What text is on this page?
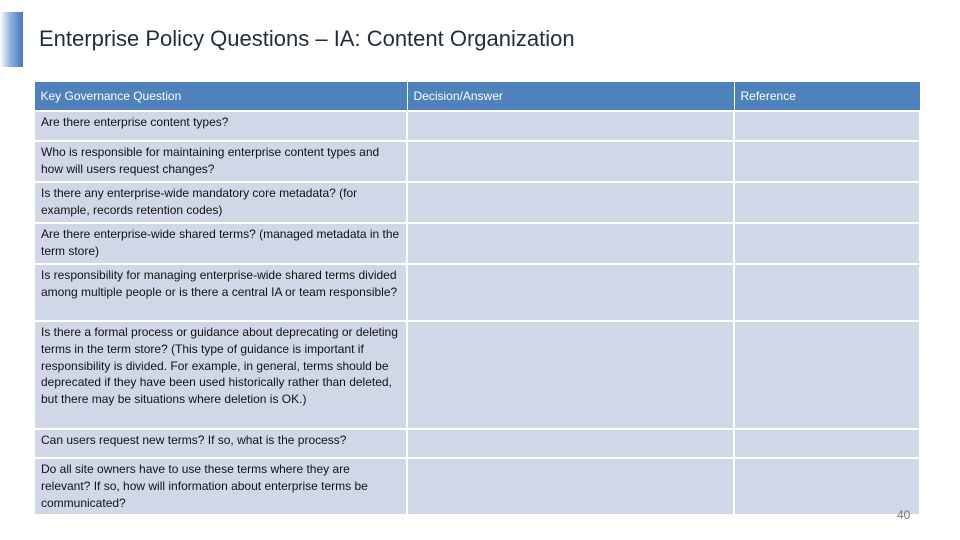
Enterprise Policy Questions – IA: Content Organization
Key Governance Question	Decision/Answer	Reference
Are there enterprise content types?		
Who is responsible for maintaining enterprise content types and how will users request changes?		
Is there any enterprise-wide mandatory core metadata? (for example, records retention codes)		
Are there enterprise-wide shared terms? (managed metadata in the term store)		
Is responsibility for managing enterprise-wide shared terms divided among multiple people or is there a central IA or team responsible?		
Is there a formal process or guidance about deprecating or deleting terms in the term store? (This type of guidance is important if responsibility is divided. For example, in general, terms should be deprecated if they have been used historically rather than deleted, but there may be situations where deletion is OK.)		
Can users request new terms? If so, what is the process?		
Do all site owners have to use these terms where they are relevant? If so, how will information about enterprise terms be communicated?		
40
